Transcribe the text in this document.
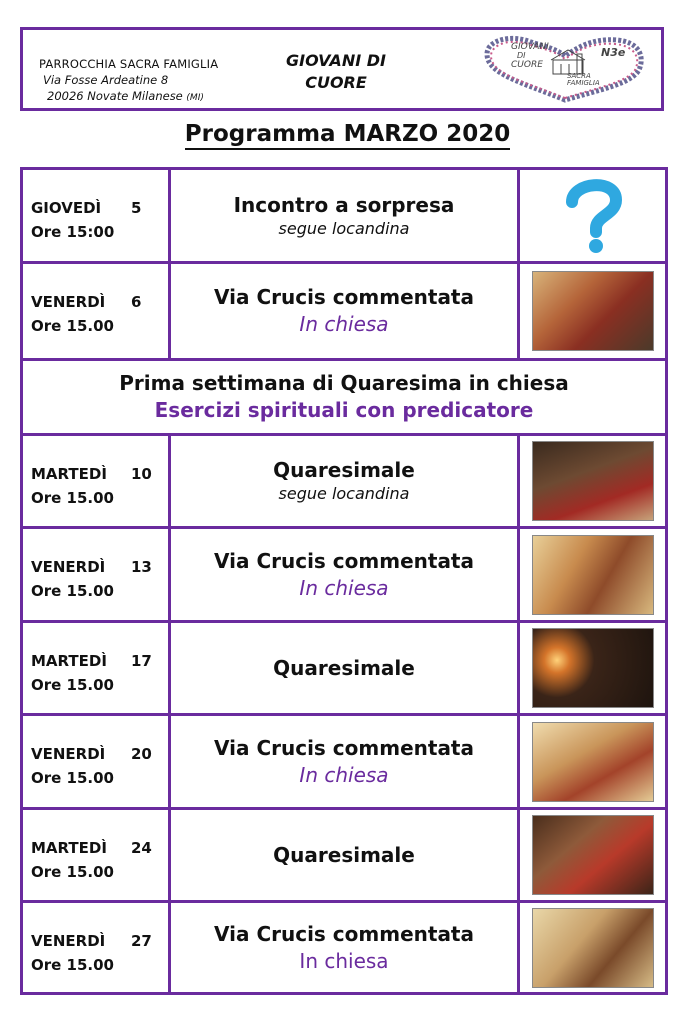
PARROCCHIA SACRA FAMIGLIA
Via Fosse Ardeatine 8
20026 Novate Milanese (MI)
GIOVANI DI
CUORE
GIOVANI
DI
CUORE
SACRA
FAMIGLIA
N3e
Programma MARZO 2020
GIOVEDÌ 5
Ore 15:00
Incontro a sorpresa
segue locandina
VENERDÌ 6
Ore 15.00
Via Crucis commentata
In chiesa
Prima settimana di Quaresima in chiesa
Esercizi spirituali con predicatore
MARTEDÌ 10
Ore 15.00
Quaresimale
segue locandina
VENERDÌ 13
Ore 15.00
Via Crucis commentata
In chiesa
MARTEDÌ 17
Ore 15.00
Quaresimale
VENERDÌ 20
Ore 15.00
Via Crucis commentata
In chiesa
MARTEDÌ 24
Ore 15.00
Quaresimale
VENERDÌ 27
Ore 15.00
Via Crucis commentata
In chiesa
